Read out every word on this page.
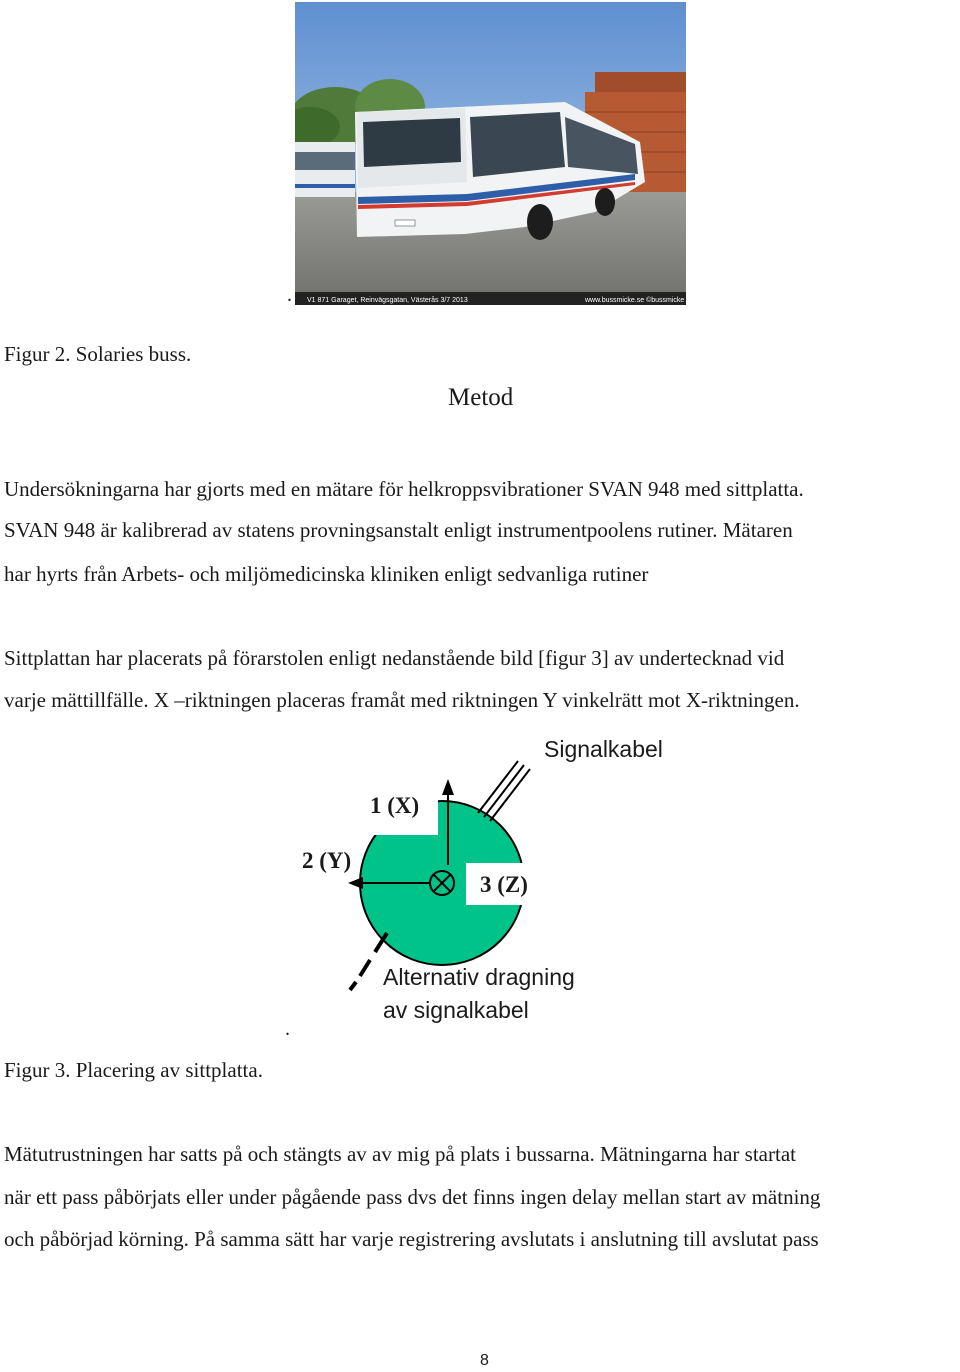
V1 871 Garaget, Reinvägsgatan, Västerås 3/7 2013	www.bussmicke.se ©bussmicke
.
Figur 2. Solaries buss.
Metod
Undersökningarna har gjorts med en mätare för helkroppsvibrationer SVAN 948 med sittplatta.
SVAN 948 är kalibrerad av statens provningsanstalt enligt instrumentpoolens rutiner. Mätaren
har hyrts från Arbets- och miljömedicinska kliniken enligt sedvanliga rutiner
Sittplattan har placerats på förarstolen enligt nedanstående bild [figur 3] av undertecknad vid
varje mättillfälle. X –riktningen placeras framåt med riktningen Y vinkelrätt mot X-riktningen.
Signalkabel
1 (X)
2 (Y)
3 (Z)
Alternativ dragning
av signalkabel
.
Figur 3. Placering av sittplatta.
Mätutrustningen har satts på och stängts av av mig på plats i bussarna. Mätningarna har startat
när ett pass påbörjats eller under pågående pass dvs det finns ingen delay mellan start av mätning
och påbörjad körning. På samma sätt har varje registrering avslutats i anslutning till avslutat pass
8
